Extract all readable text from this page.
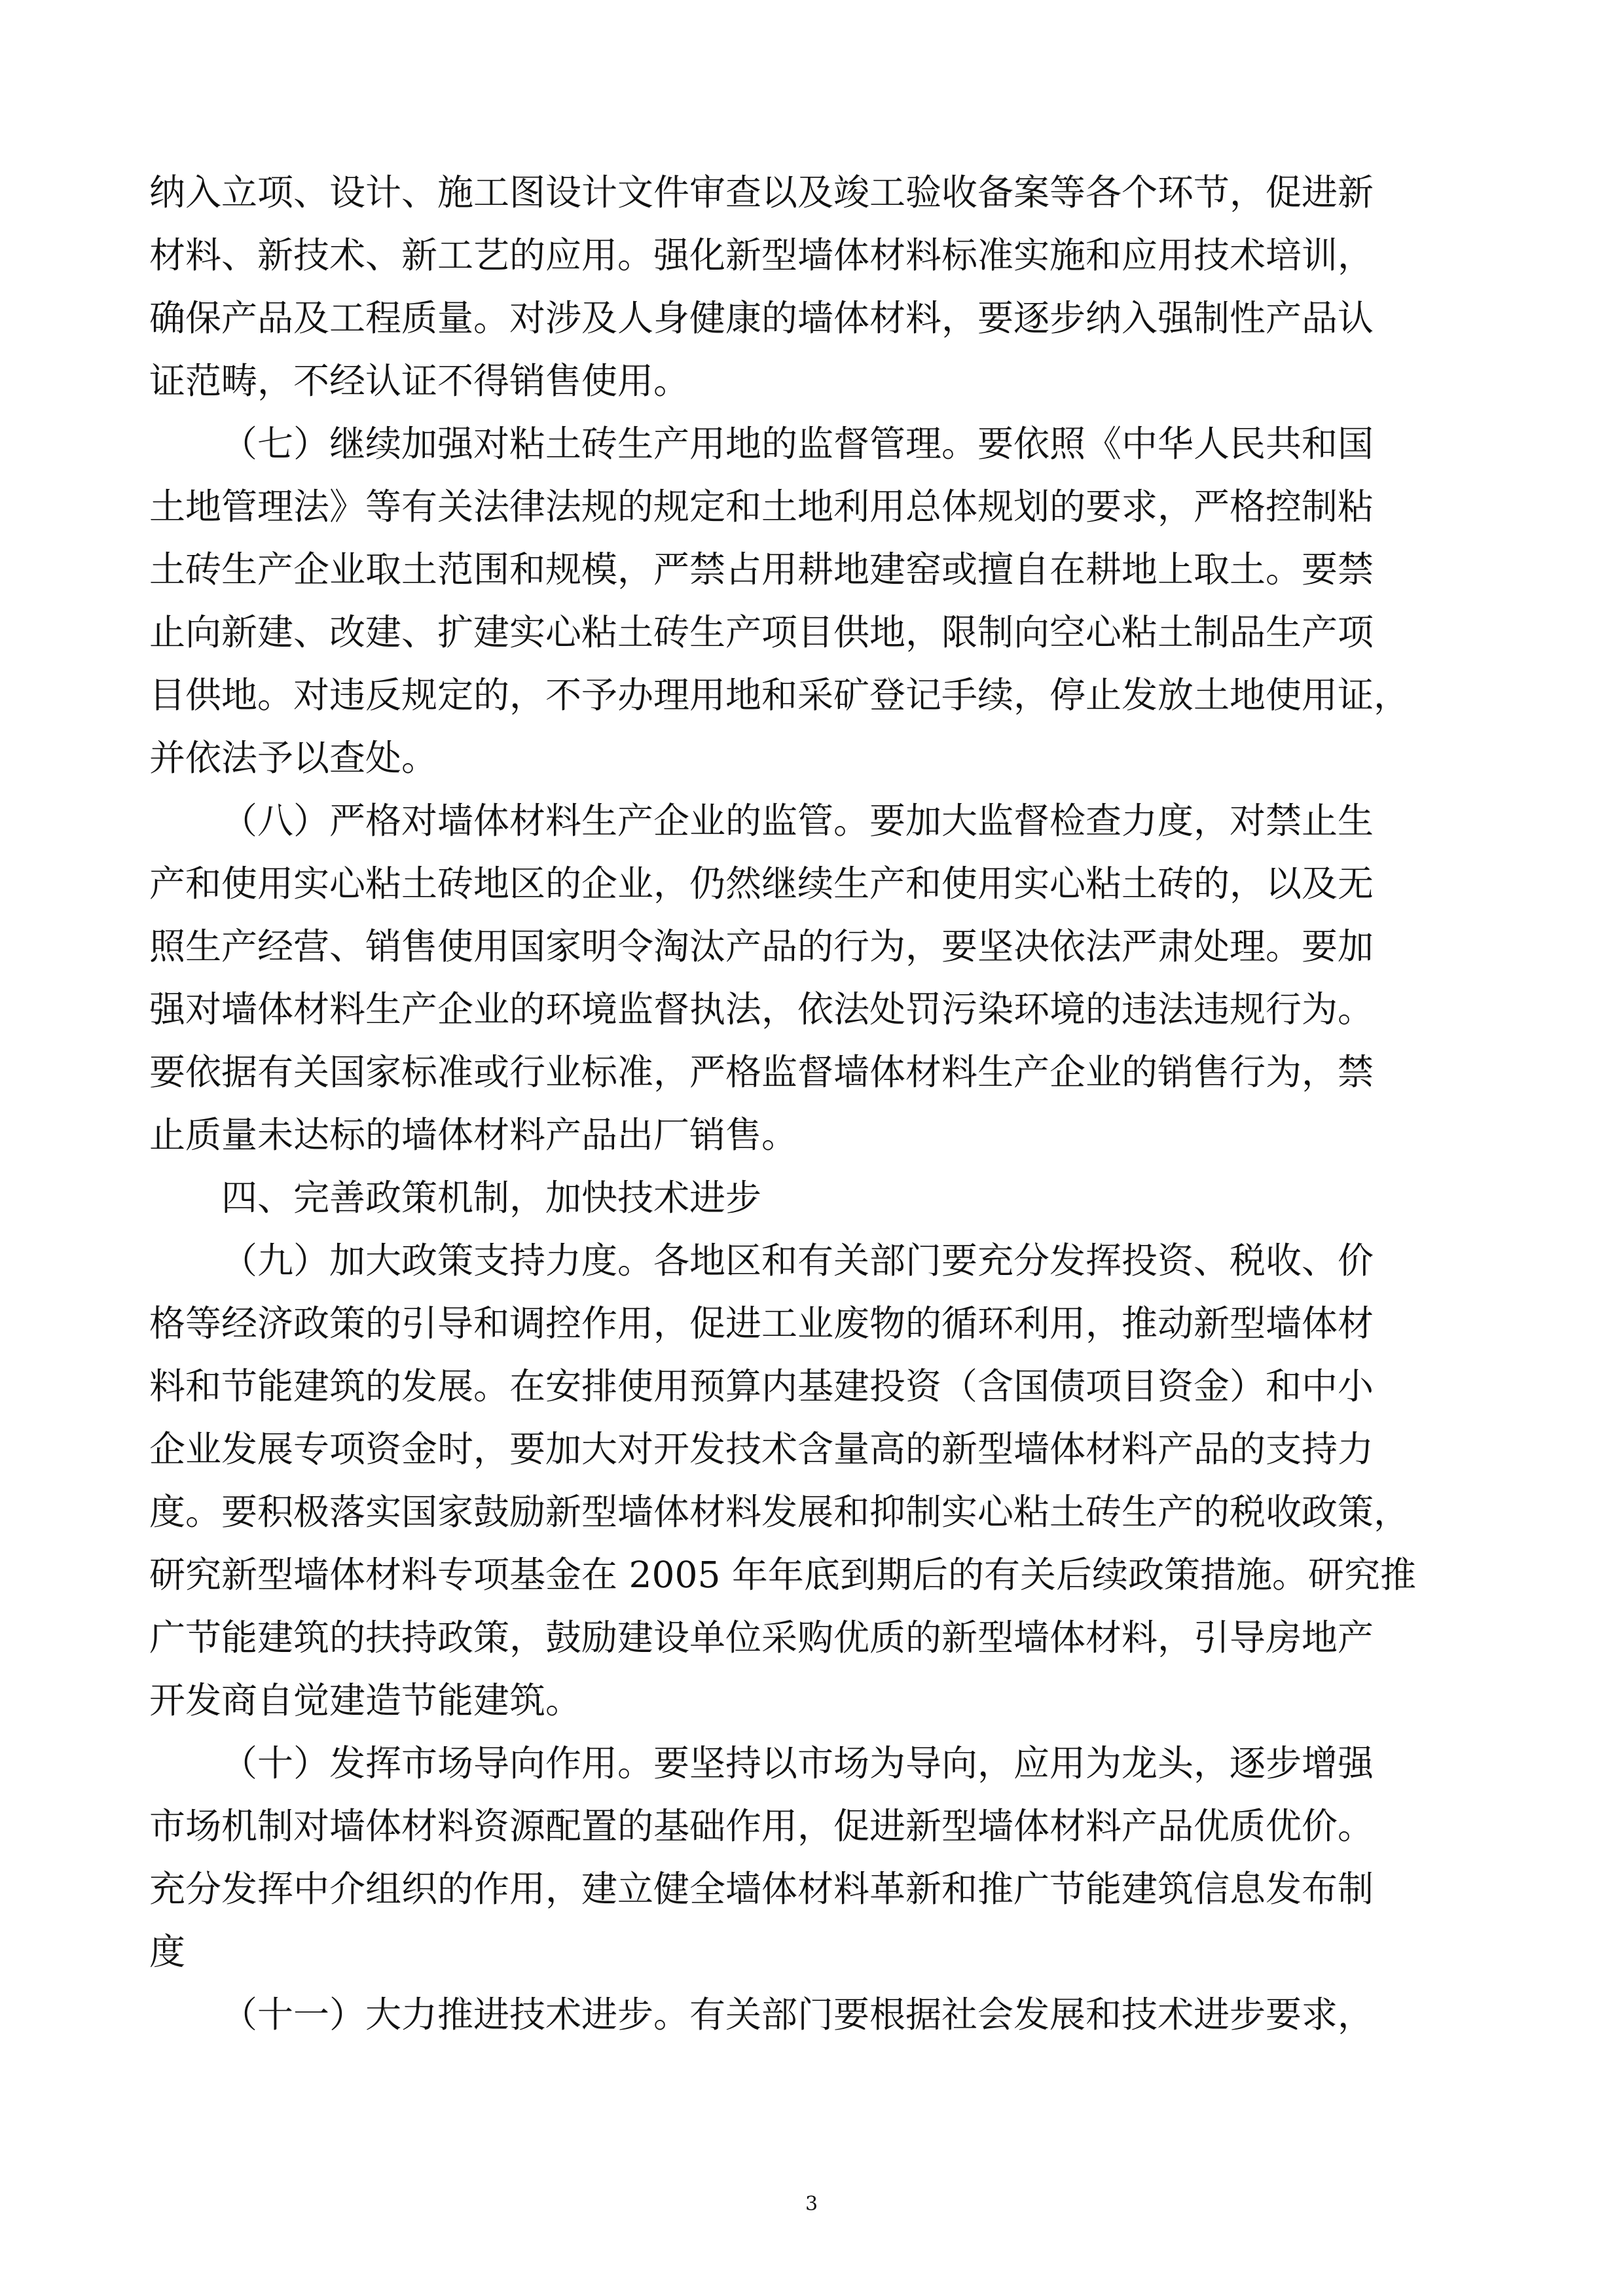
纳入立项、设计、施工图设计文件审查以及竣工验收备案等各个环节，促进新
材料、新技术、新工艺的应用。强化新型墙体材料标准实施和应用技术培训，
确保产品及工程质量。对涉及人身健康的墙体材料，要逐步纳入强制性产品认
证范畴，不经认证不得销售使用。
（七）继续加强对粘土砖生产用地的监督管理。要依照《中华人民共和国
土地管理法》等有关法律法规的规定和土地利用总体规划的要求，严格控制粘
土砖生产企业取土范围和规模，严禁占用耕地建窑或擅自在耕地上取土。要禁
止向新建、改建、扩建实心粘土砖生产项目供地，限制向空心粘土制品生产项
目供地。对违反规定的，不予办理用地和采矿登记手续，停止发放土地使用证，
并依法予以查处。
（八）严格对墙体材料生产企业的监管。要加大监督检查力度，对禁止生
产和使用实心粘土砖地区的企业，仍然继续生产和使用实心粘土砖的，以及无
照生产经营、销售使用国家明令淘汰产品的行为，要坚决依法严肃处理。要加
强对墙体材料生产企业的环境监督执法，依法处罚污染环境的违法违规行为。
要依据有关国家标准或行业标准，严格监督墙体材料生产企业的销售行为，禁
止质量未达标的墙体材料产品出厂销售。
四、完善政策机制，加快技术进步
（九）加大政策支持力度。各地区和有关部门要充分发挥投资、税收、价
格等经济政策的引导和调控作用，促进工业废物的循环利用，推动新型墙体材
料和节能建筑的发展。在安排使用预算内基建投资（含国债项目资金）和中小
企业发展专项资金时，要加大对开发技术含量高的新型墙体材料产品的支持力
度。要积极落实国家鼓励新型墙体材料发展和抑制实心粘土砖生产的税收政策，
研究新型墙体材料专项基金在 2005 年年底到期后的有关后续政策措施。研究推
广节能建筑的扶持政策，鼓励建设单位采购优质的新型墙体材料，引导房地产
开发商自觉建造节能建筑。
（十）发挥市场导向作用。要坚持以市场为导向，应用为龙头，逐步增强
市场机制对墙体材料资源配置的基础作用，促进新型墙体材料产品优质优价。
充分发挥中介组织的作用，建立健全墙体材料革新和推广节能建筑信息发布制
度
（十一）大力推进技术进步。有关部门要根据社会发展和技术进步要求，
3
